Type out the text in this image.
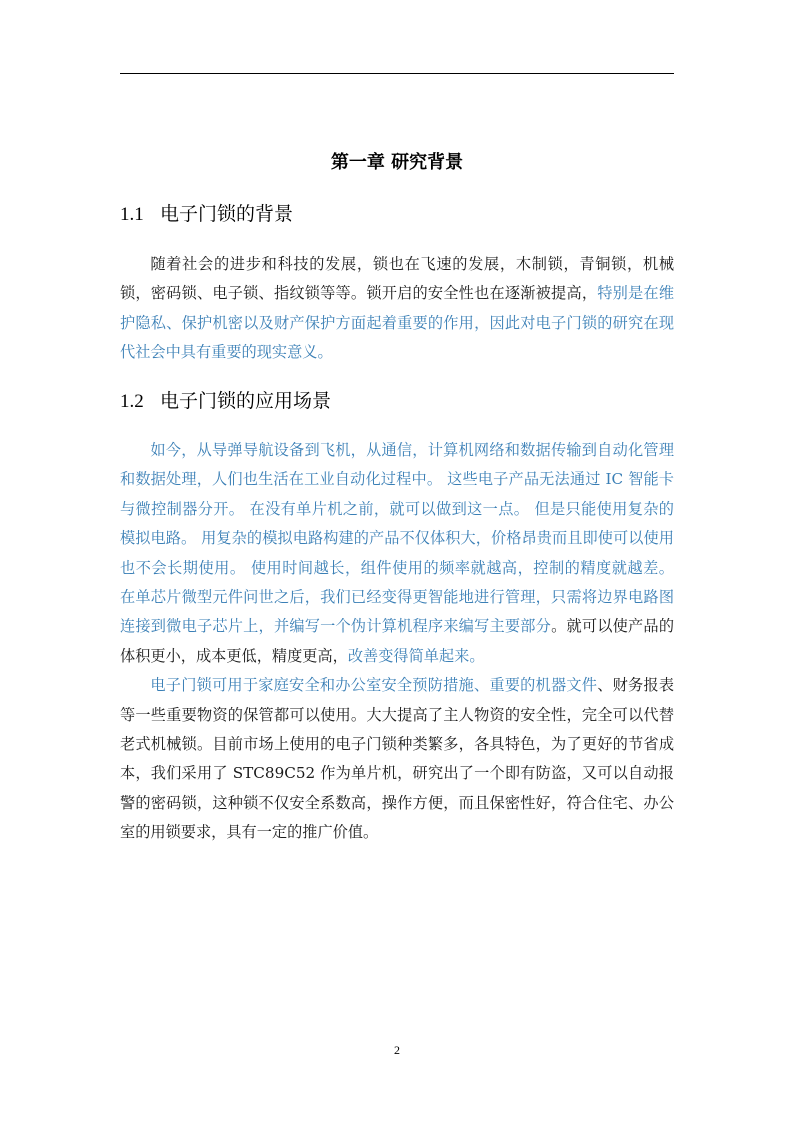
第一章 研究背景
1.1 电子门锁的背景

随着社会的进步和科技的发展，锁也在飞速的发展，木制锁，青铜锁，机械锁，密码锁、电子锁、指纹锁等等。锁开启的安全性也在逐渐被提高，特别是在维护隐私、保护机密以及财产保护方面起着重要的作用，因此对电子门锁的研究在现代社会中具有重要的现实意义。

1.2 电子门锁的应用场景

如今，从导弹导航设备到飞机，从通信，计算机网络和数据传输到自动化管理和数据处理，人们也生活在工业自动化过程中。 这些电子产品无法通过 IC 智能卡与微控制器分开。 在没有单片机之前，就可以做到这一点。 但是只能使用复杂的模拟电路。 用复杂的模拟电路构建的产品不仅体积大，价格昂贵而且即使可以使用也不会长期使用。 使用时间越长，组件使用的频率就越高，控制的精度就越差。 在单芯片微型元件问世之后，我们已经变得更智能地进行管理，只需将边界电路图连接到微电子芯片上，并编写一个伪计算机程序来编写主要部分。就可以使产品的体积更小，成本更低，精度更高，改善变得简单起来。

电子门锁可用于家庭安全和办公室安全预防措施、重要的机器文件、财务报表等一些重要物资的保管都可以使用。大大提高了主人物资的安全性，完全可以代替老式机械锁。目前市场上使用的电子门锁种类繁多，各具特色，为了更好的节省成本，我们采用了 STC89C52 作为单片机，研究出了一个即有防盗，又可以自动报警的密码锁，这种锁不仅安全系数高，操作方便，而且保密性好，符合住宅、办公室的用锁要求，具有一定的推广价值。

2
